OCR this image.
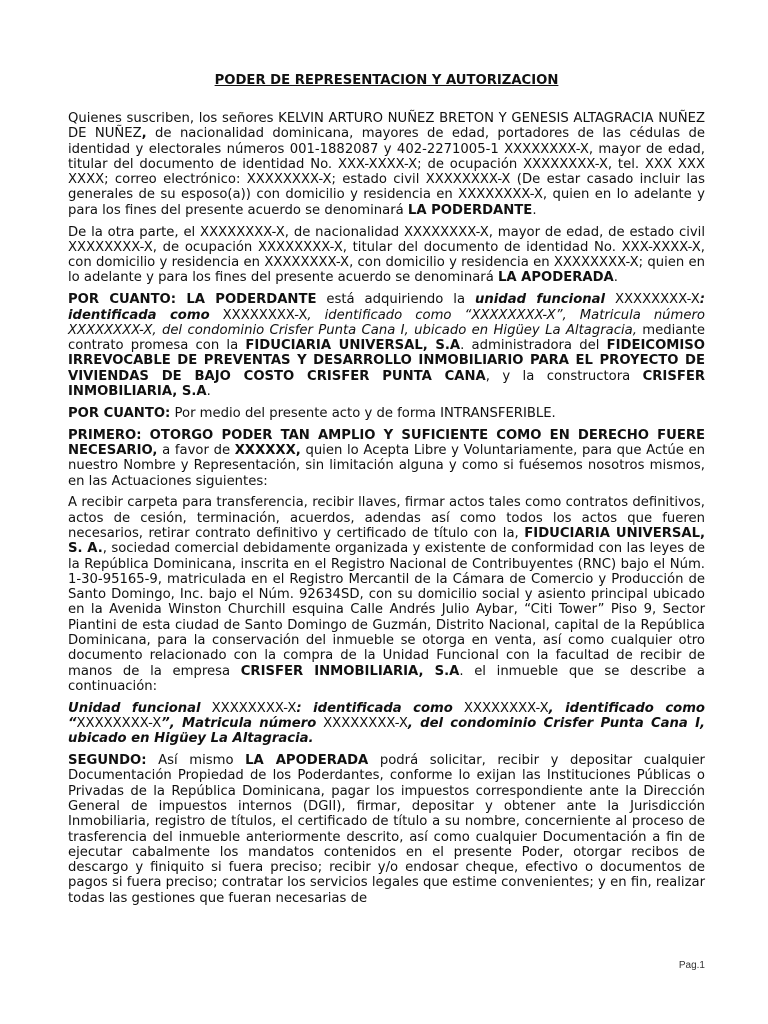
PODER DE REPRESENTACION Y AUTORIZACION

Quienes suscriben, los señores KELVIN ARTURO NUÑEZ BRETON Y GENESIS ALTAGRACIA NUÑEZ DE NUÑEZ, de nacionalidad dominicana, mayores de edad, portadores de las cédulas de identidad y electorales números 001-1882087 y 402-2271005-1 XXXXXXXX-X, mayor de edad, titular del documento de identidad No. XXX-XXXX-X; de ocupación XXXXXXXX-X, tel. XXX XXX XXXX; correo electrónico: XXXXXXXX-X; estado civil XXXXXXXX-X (De estar casado incluir las generales de su esposo(a)) con domicilio y residencia en XXXXXXXX-X, quien en lo adelante y para los fines del presente acuerdo se denominará LA PODERDANTE.

De la otra parte, el XXXXXXXX-X, de nacionalidad XXXXXXXX-X, mayor de edad, de estado civil XXXXXXXX-X, de ocupación XXXXXXXX-X, titular del documento de identidad No. XXX-XXXX-X, con domicilio y residencia en XXXXXXXX-X, con domicilio y residencia en XXXXXXXX-X; quien en lo adelante y para los fines del presente acuerdo se denominará LA APODERADA.

POR CUANTO: LA PODERDANTE está adquiriendo la unidad funcional XXXXXXXX-X: identificada como XXXXXXXX-X, identificado como “XXXXXXXX-X”, Matricula número XXXXXXXX-X, del condominio Crisfer Punta Cana I, ubicado en Higüey La Altagracia, mediante contrato promesa con la FIDUCIARIA UNIVERSAL, S.A. administradora del FIDEICOMISO IRREVOCABLE DE PREVENTAS Y DESARROLLO INMOBILIARIO PARA EL PROYECTO DE VIVIENDAS DE BAJO COSTO CRISFER PUNTA CANA, y la constructora CRISFER INMOBILIARIA, S.A.

POR CUANTO: Por medio del presente acto y de forma INTRANSFERIBLE.

PRIMERO: OTORGO PODER TAN AMPLIO Y SUFICIENTE COMO EN DERECHO FUERE NECESARIO, a favor de XXXXXX, quien lo Acepta Libre y Voluntariamente, para que Actúe en nuestro Nombre y Representación, sin limitación alguna y como si fuésemos nosotros mismos, en las Actuaciones siguientes:

A recibir carpeta para transferencia, recibir llaves, firmar actos tales como contratos definitivos, actos de cesión, terminación, acuerdos, adendas así como todos los actos que fueren necesarios, retirar contrato definitivo y certificado de título con la, FIDUCIARIA UNIVERSAL, S. A., sociedad comercial debidamente organizada y existente de conformidad con las leyes de la República Dominicana, inscrita en el Registro Nacional de Contribuyentes (RNC) bajo el Núm. 1-30-95165-9, matriculada en el Registro Mercantil de la Cámara de Comercio y Producción de Santo Domingo, Inc. bajo el Núm. 92634SD, con su domicilio social y asiento principal ubicado en la Avenida Winston Churchill esquina Calle Andrés Julio Aybar, “Citi Tower” Piso 9, Sector Piantini de esta ciudad de Santo Domingo de Guzmán, Distrito Nacional, capital de la República Dominicana, para la conservación del inmueble se otorga en venta, así como cualquier otro documento relacionado con la compra de la Unidad Funcional con la facultad de recibir de manos de la empresa CRISFER INMOBILIARIA, S.A. el inmueble que se describe a continuación:

Unidad funcional XXXXXXXX-X: identificada como XXXXXXXX-X, identificado como “XXXXXXXX-X”, Matricula número XXXXXXXX-X, del condominio Crisfer Punta Cana I, ubicado en Higüey La Altagracia.

SEGUNDO: Así mismo LA APODERADA podrá solicitar, recibir y depositar cualquier Documentación Propiedad de los Poderdantes, conforme lo exijan las Instituciones Públicas o Privadas de la República Dominicana, pagar los impuestos correspondiente ante la Dirección General de impuestos internos (DGII), firmar, depositar y obtener ante la Jurisdicción Inmobiliaria, registro de títulos, el certificado de título a su nombre, concerniente al proceso de trasferencia del inmueble anteriormente descrito, así como cualquier Documentación a fin de ejecutar cabalmente los mandatos contenidos en el presente Poder, otorgar recibos de descargo y finiquito si fuera preciso; recibir y/o endosar cheque, efectivo o documentos de pagos si fuera preciso; contratar los servicios legales que estime convenientes; y en fin, realizar todas las gestiones que fueran necesarias de

Pag.1
